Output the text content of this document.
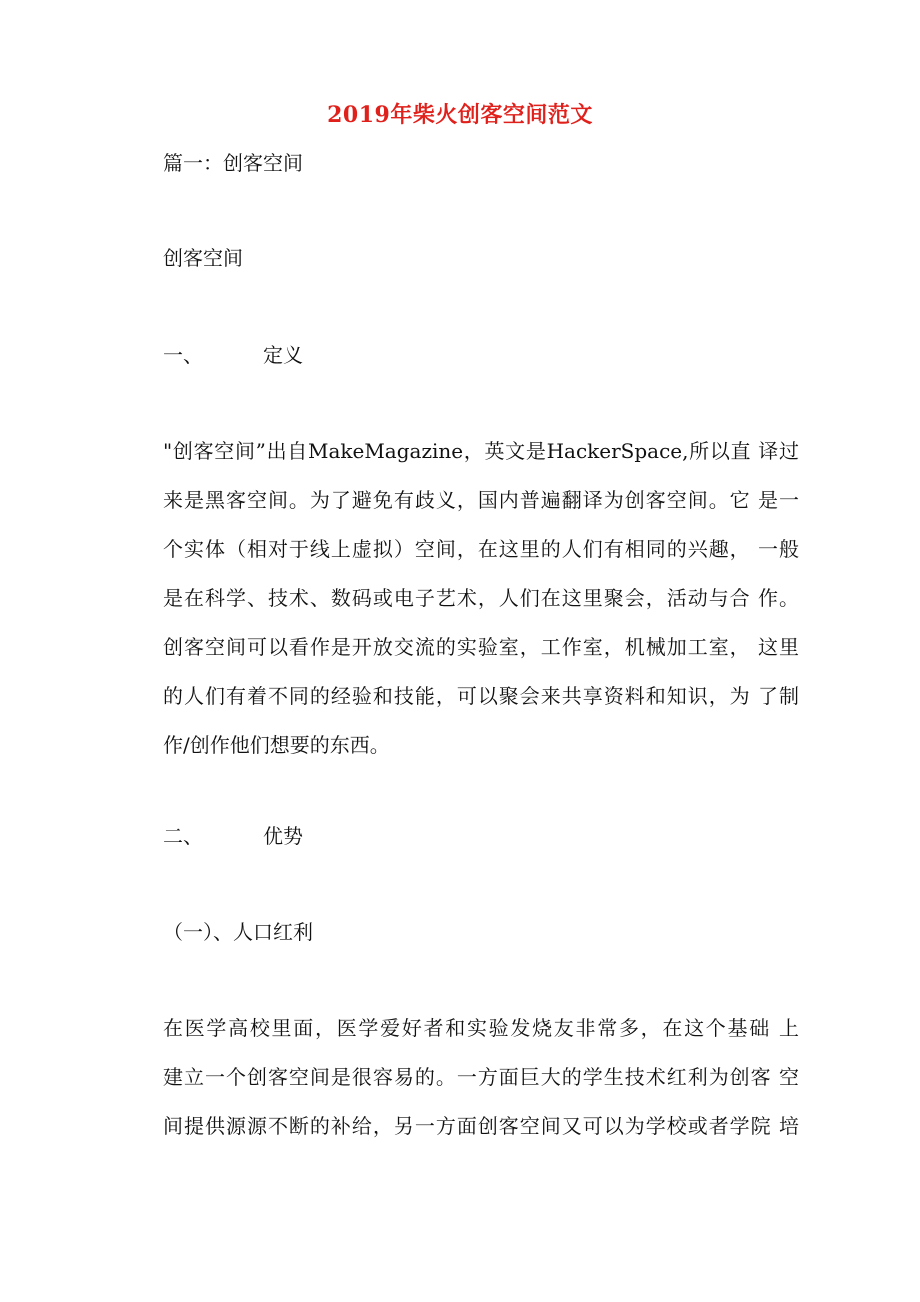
2019年柴火创客空间范文
篇一：创客空间
创客空间
一、	定义
"创客空间”出自MakeMagazine，英文是HackerSpace,所以直 译过
来是黑客空间。为了避免有歧义，国内普遍翻译为创客空间。它 是一
个实体（相对于线上虚拟）空间，在这里的人们有相同的兴趣， 一般
是在科学、技术、数码或电子艺术，人们在这里聚会，活动与合 作。
创客空间可以看作是开放交流的实验室，工作室，机械加工室， 这里
的人们有着不同的经验和技能，可以聚会来共享资料和知识，为 了制
作/创作他们想要的东西。
二、	优势
（一）、人口红利
在医学高校里面，医学爱好者和实验发烧友非常多，在这个基础 上
建立一个创客空间是很容易的。一方面巨大的学生技术红利为创客 空
间提供源源不断的补给，另一方面创客空间又可以为学校或者学院 培
